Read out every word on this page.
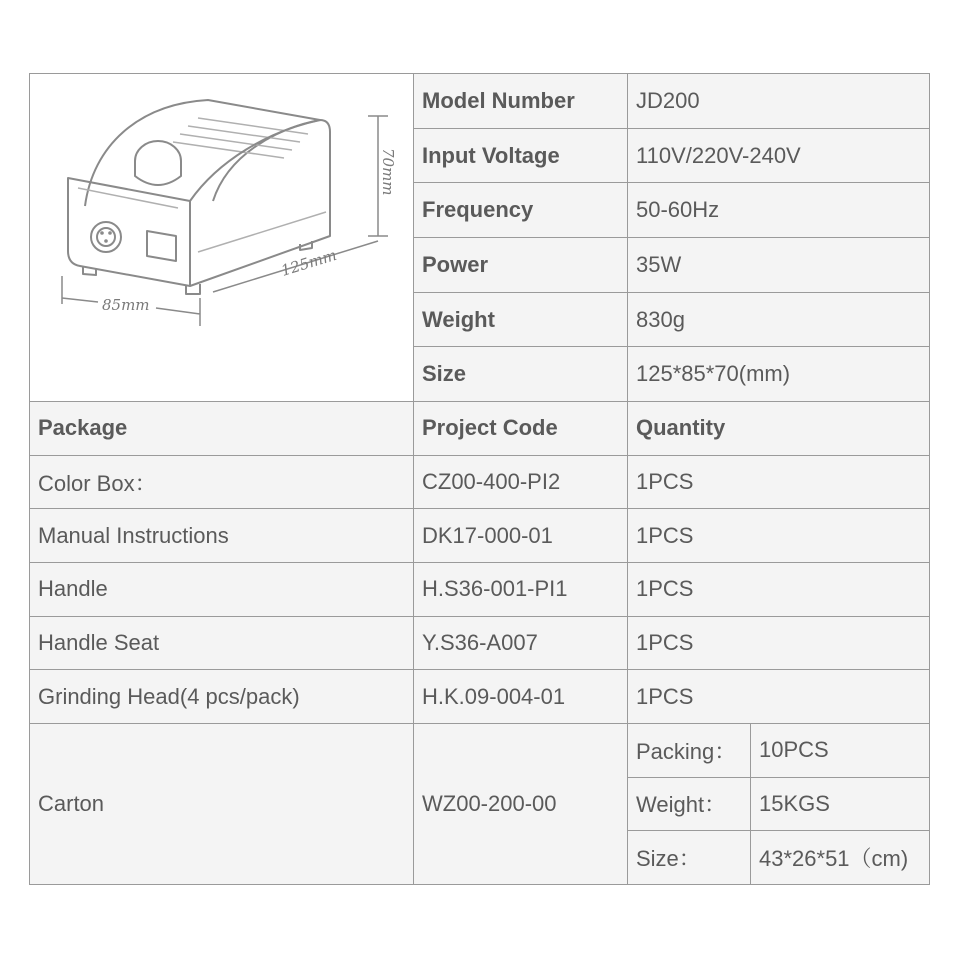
70mm
125mm
85mm	Model Number	JD200	
	Input Voltage	110V/220V-240V	
	Frequency	50-60Hz	
	Power	35W	
	Weight	830g	
	Size	125*85*70(mm)	
Package	Project Code	Quantity	
Color Box：	CZ00-400-PI2	1PCS	
Manual Instructions	DK17-000-01	1PCS	
Handle	H.S36-001-PI1	1PCS	
Handle Seat	Y.S36-A007	1PCS	
Grinding Head(4 pcs/pack)	H.K.09-004-01	1PCS	
Carton	WZ00-200-00	Packing：	10PCS
		Weight：	15KGS
		Size：	43*26*51（cm)
